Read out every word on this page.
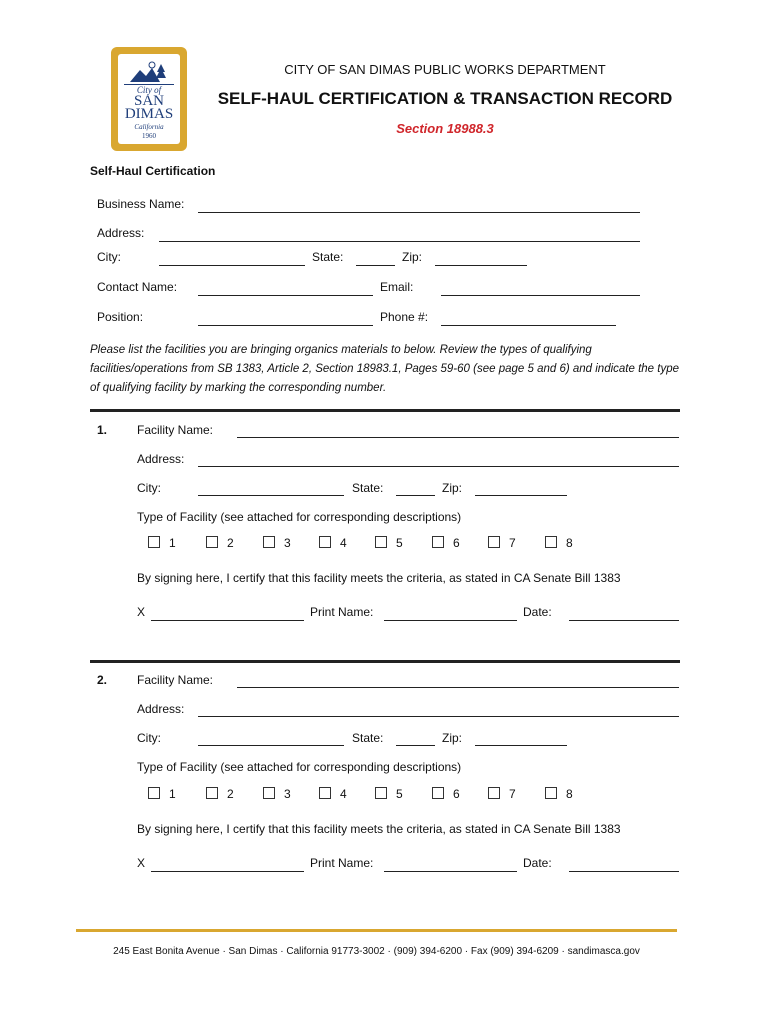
City of
SAN
DIMAS
California
1960
CITY OF SAN DIMAS PUBLIC WORKS DEPARTMENT
SELF-HAUL CERTIFICATION & TRANSACTION RECORD
Section 18988.3
Self-Haul Certification
Business Name:
Address:
City:	State:	Zip:
Contact Name:	Email:
Position:	Phone #:
Please list the facilities you are bringing organics materials to below. Review the types of qualifying facilities/operations from SB 1383, Article 2, Section 18983.1, Pages 59-60 (see page 5 and 6) and indicate the type of qualifying facility by marking the corresponding number.
1. Facility Name:
Address:
City:	State:	Zip:
Type of Facility (see attached for corresponding descriptions)
1	2	3	4	5	6	7	8
By signing here, I certify that this facility meets the criteria, as stated in CA Senate Bill 1383
X	Print Name:	Date:
2. Facility Name:
Address:
City:	State:	Zip:
Type of Facility (see attached for corresponding descriptions)
1	2	3	4	5	6	7	8
By signing here, I certify that this facility meets the criteria, as stated in CA Senate Bill 1383
X	Print Name:	Date:
245 East Bonita Avenue · San Dimas · California 91773-3002 · (909) 394-6200 · Fax (909) 394-6209 · sandimasca.gov
